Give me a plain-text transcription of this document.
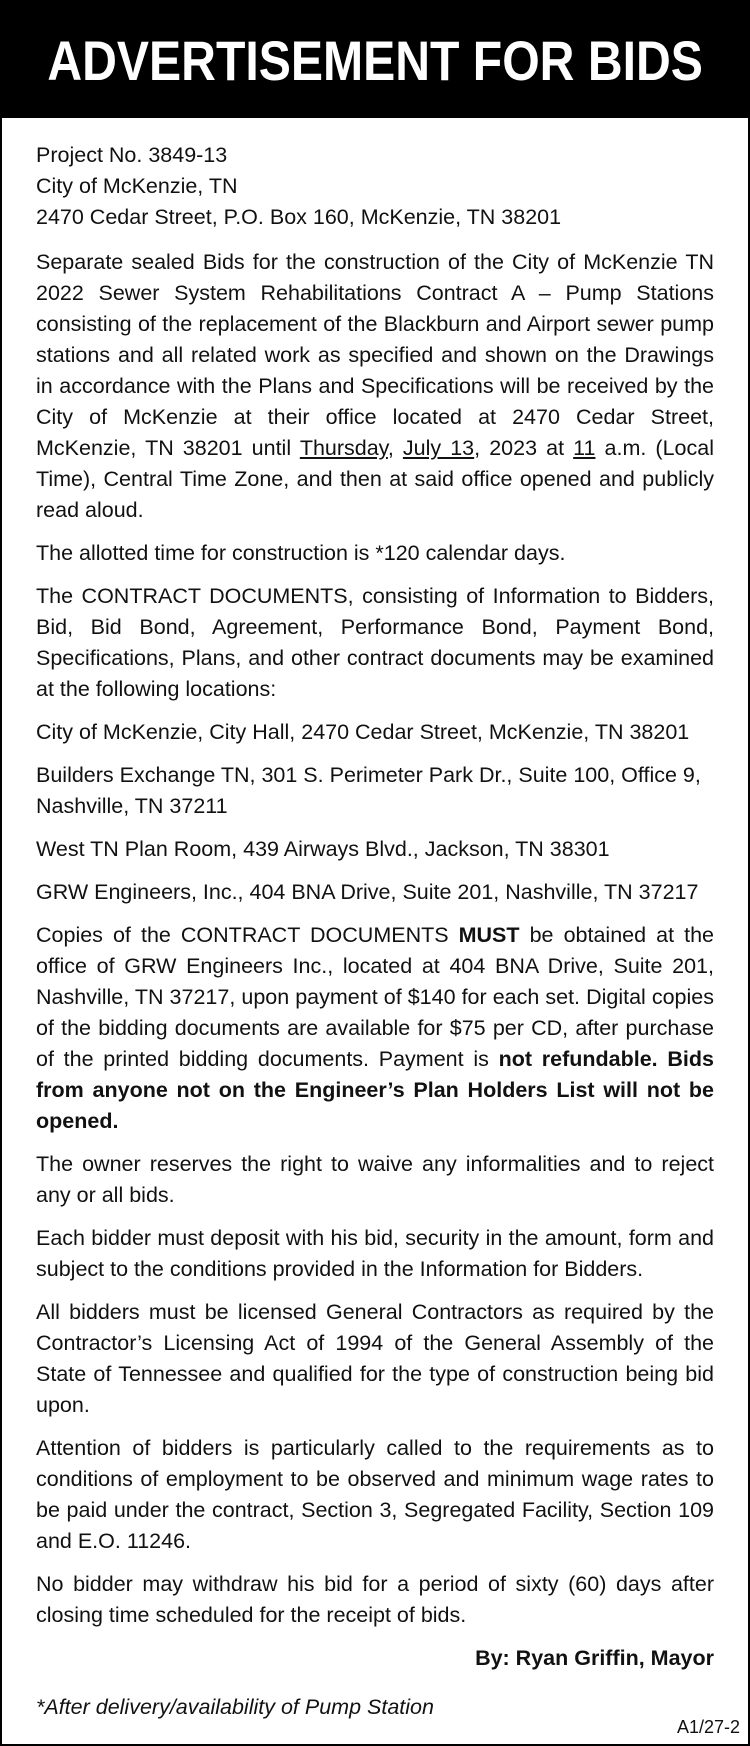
ADVERTISEMENT FOR BIDS
Project No. 3849-13
City of McKenzie, TN
2470 Cedar Street, P.O. Box 160, McKenzie, TN 38201

Separate sealed Bids for the construction of the City of McKenzie TN 2022 Sewer System Rehabilitations Contract A – Pump Stations consisting of the replacement of the Blackburn and Airport sewer pump stations and all related work as specified and shown on the Drawings in accordance with the Plans and Specifications will be received by the City of McKenzie at their office located at 2470 Cedar Street, McKenzie, TN 38201 until Thursday, July 13, 2023 at 11 a.m. (Local Time), Central Time Zone, and then at said office opened and publicly read aloud.

The allotted time for construction is *120 calendar days.

The CONTRACT DOCUMENTS, consisting of Information to Bidders, Bid, Bid Bond, Agreement, Performance Bond, Payment Bond, Specifications, Plans, and other contract documents may be examined at the following locations:

City of McKenzie, City Hall, 2470 Cedar Street, McKenzie, TN 38201

Builders Exchange TN, 301 S. Perimeter Park Dr., Suite 100, Office 9, Nashville, TN 37211

West TN Plan Room, 439 Airways Blvd., Jackson, TN 38301

GRW Engineers, Inc., 404 BNA Drive, Suite 201, Nashville, TN 37217

Copies of the CONTRACT DOCUMENTS MUST be obtained at the office of GRW Engineers Inc., located at 404 BNA Drive, Suite 201, Nashville, TN 37217, upon payment of $140 for each set. Digital copies of the bidding documents are available for $75 per CD, after purchase of the printed bidding documents. Payment is not refundable. Bids from anyone not on the Engineer’s Plan Holders List will not be opened.

The owner reserves the right to waive any informalities and to reject any or all bids.

Each bidder must deposit with his bid, security in the amount, form and subject to the conditions provided in the Information for Bidders.

All bidders must be licensed General Contractors as required by the Contractor’s Licensing Act of 1994 of the General Assembly of the State of Tennessee and qualified for the type of construction being bid upon.

Attention of bidders is particularly called to the requirements as to conditions of employment to be observed and minimum wage rates to be paid under the contract, Section 3, Segregated Facility, Section 109 and E.O. 11246.

No bidder may withdraw his bid for a period of sixty (60) days after closing time scheduled for the receipt of bids.

By: Ryan Griffin, Mayor
*After delivery/availability of Pump Station
A1/27-2
